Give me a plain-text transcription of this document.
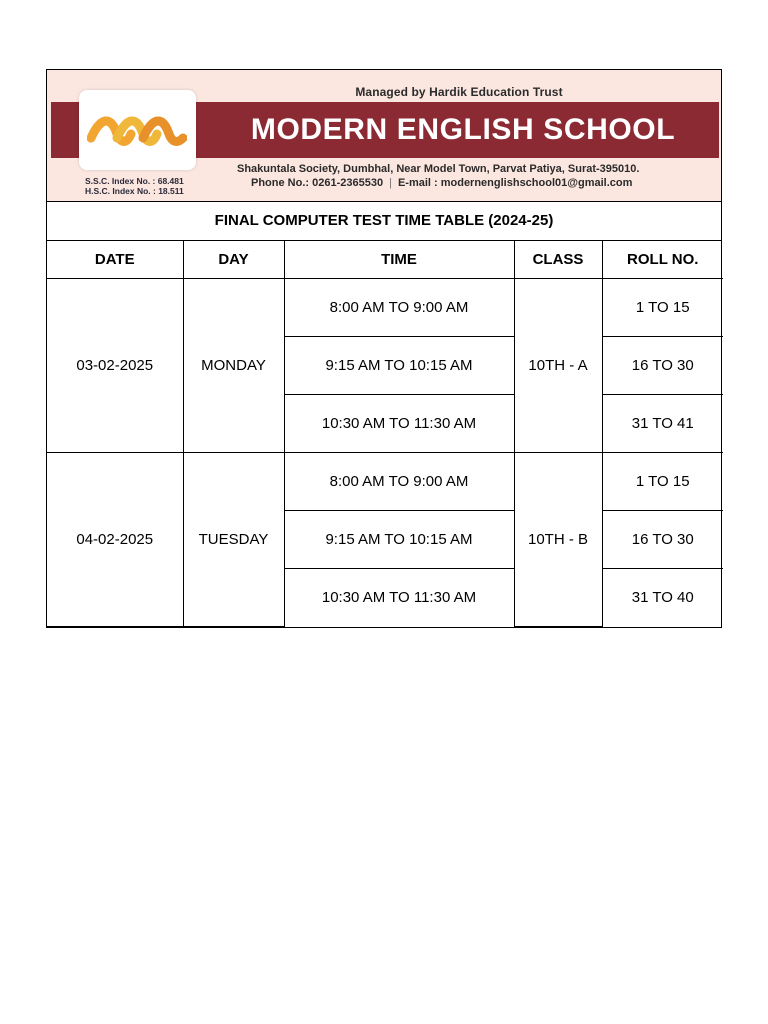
Managed by Hardik Education Trust
MODERN ENGLISH SCHOOL
S.S.C. Index No. : 68.481
H.S.C. Index No. : 18.511
Shakuntala Society, Dumbhal, Near Model Town, Parvat Patiya, Surat-395010.
Phone No.: 0261-2365530 | E-mail : modernenglishschool01@gmail.com
FINAL COMPUTER TEST TIME TABLE (2024-25)
DATE	DAY	TIME	CLASS	ROLL NO.
03-02-2025	MONDAY	8:00 AM TO 9:00 AM	10TH - A	1 TO 15
		9:15 AM TO 10:15 AM		16 TO 30
		10:30 AM TO 11:30 AM		31 TO 41
04-02-2025	TUESDAY	8:00 AM TO 9:00 AM	10TH - B	1 TO 15
		9:15 AM TO 10:15 AM		16 TO 30
		10:30 AM TO 11:30 AM		31 TO 40
